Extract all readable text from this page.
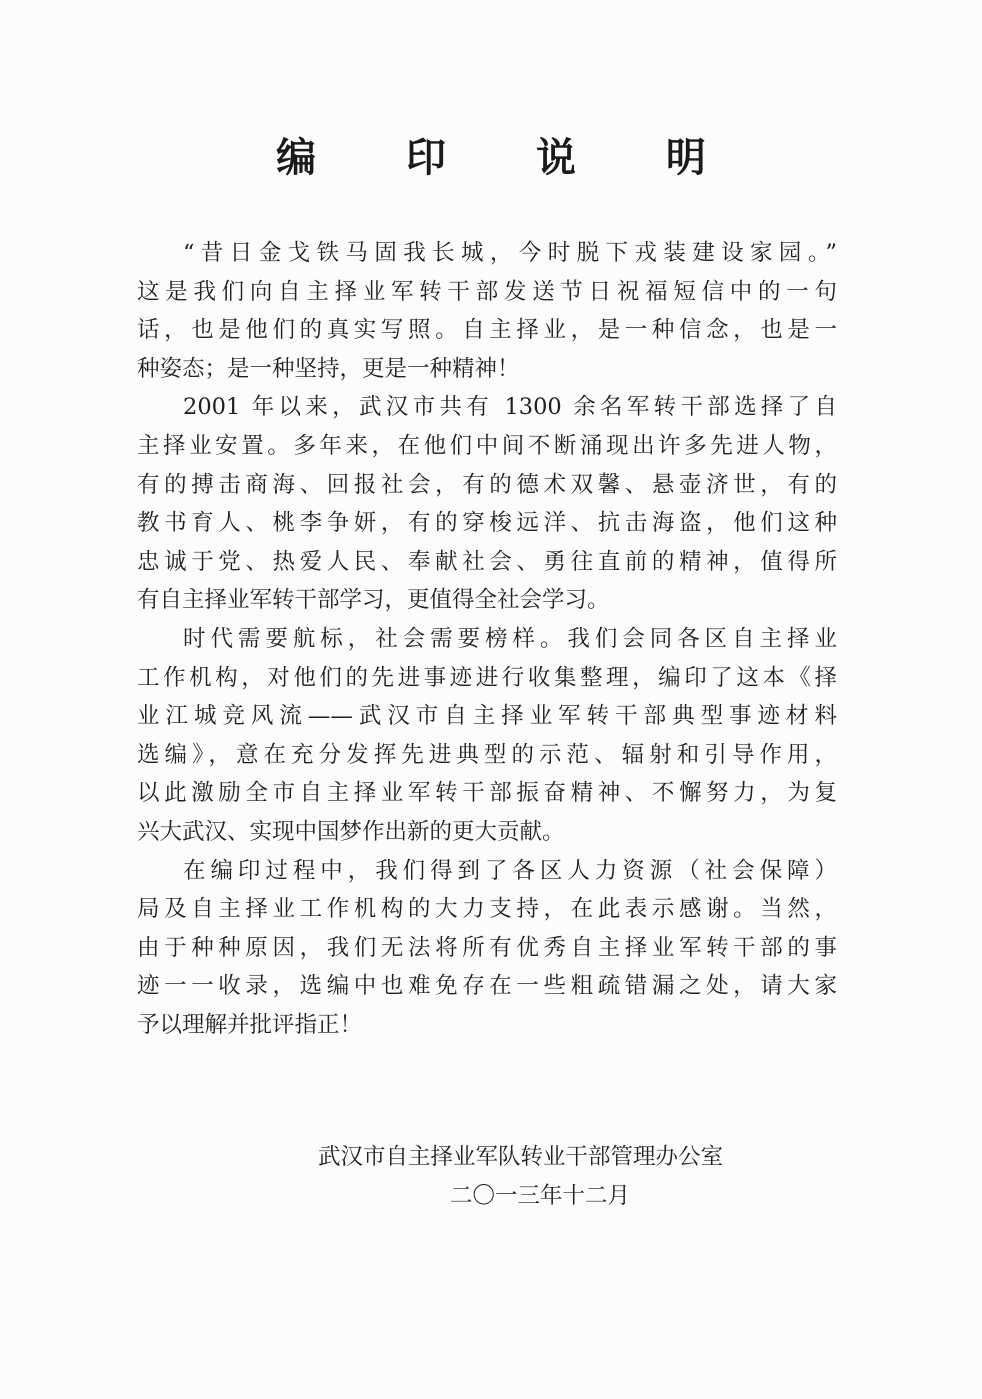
编 印 说 明
“昔日金戈铁马固我长城，今时脱下戎装建设家园。”
这是我们向自主择业军转干部发送节日祝福短信中的一句
话，也是他们的真实写照。自主择业，是一种信念，也是一
种姿态；是一种坚持，更是一种精神！
2001 年以来，武汉市共有 1300 余名军转干部选择了自
主择业安置。多年来，在他们中间不断涌现出许多先进人物，
有的搏击商海、回报社会，有的德术双馨、悬壶济世，有的
教书育人、桃李争妍，有的穿梭远洋、抗击海盗，他们这种
忠诚于党、热爱人民、奉献社会、勇往直前的精神，值得所
有自主择业军转干部学习，更值得全社会学习。
时代需要航标，社会需要榜样。我们会同各区自主择业
工作机构，对他们的先进事迹进行收集整理，编印了这本《择
业江城竞风流——武汉市自主择业军转干部典型事迹材料
选编》，意在充分发挥先进典型的示范、辐射和引导作用，
以此激励全市自主择业军转干部振奋精神、不懈努力，为复
兴大武汉、实现中国梦作出新的更大贡献。
在编印过程中，我们得到了各区人力资源（社会保障）
局及自主择业工作机构的大力支持，在此表示感谢。当然，
由于种种原因，我们无法将所有优秀自主择业军转干部的事
迹一一收录，选编中也难免存在一些粗疏错漏之处，请大家
予以理解并批评指正！
武汉市自主择业军队转业干部管理办公室
二〇一三年十二月
